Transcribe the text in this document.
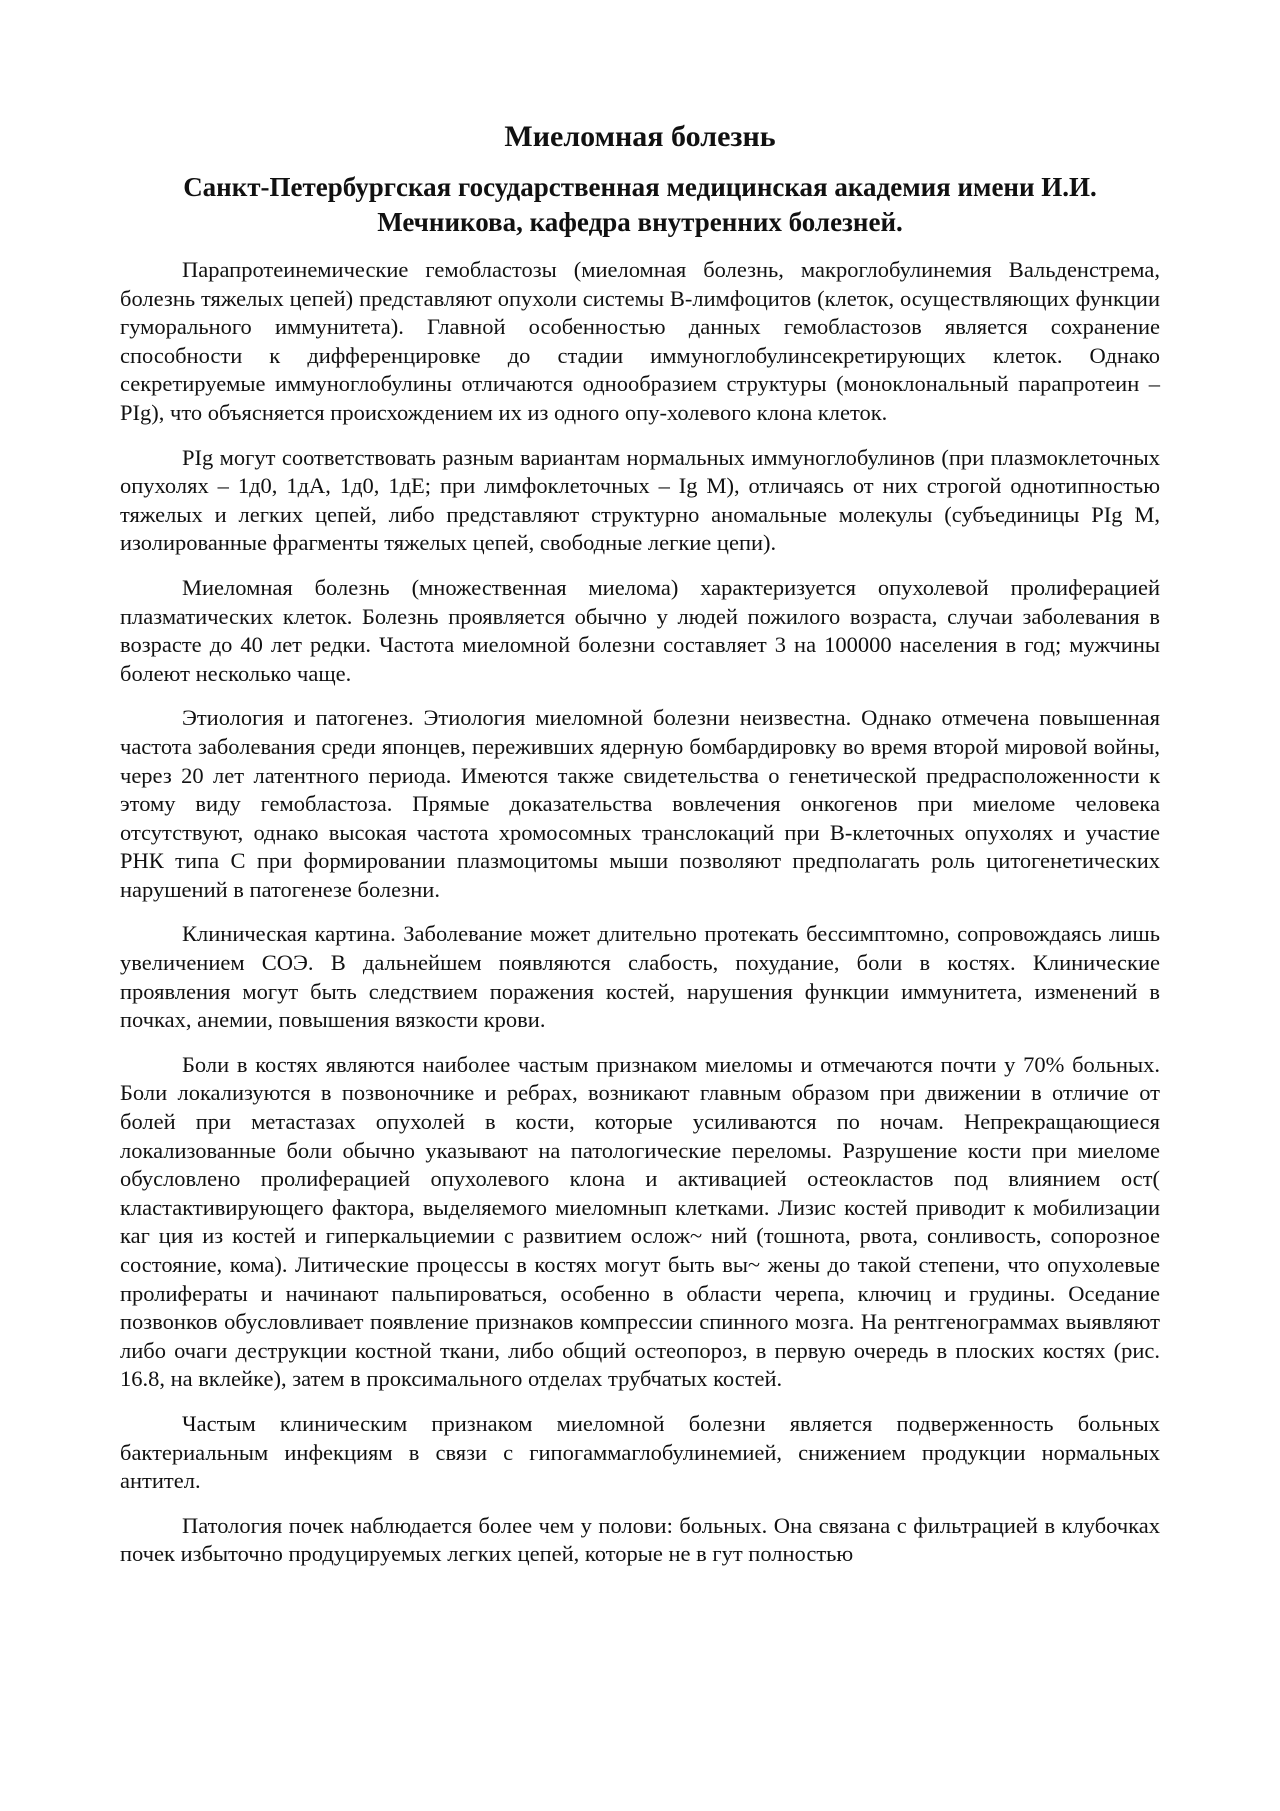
Миеломная болезнь
Санкт-Петербургская государственная медицинская академия имени И.И. Мечникова, кафедра внутренних болезней.

Парапротеинемические гемобластозы (миеломная болезнь, макроглобулинемия Вальденстрема, болезнь тяжелых цепей) представляют опухоли системы В-лимфоцитов (клеток, осуществляющих функции гуморального иммунитета). Главной особенностью данных гемобластозов является сохранение способности к дифференцировке до стадии иммуноглобулинсекретирующих клеток. Однако секретируемые иммуноглобулины отличаются однообразием структуры (моноклональный парапротеин – PIg), что объясняется происхождением их из одного опу-холевого клона клеток.

PIg могут соответствовать разным вариантам нормальных иммуноглобулинов (при плазмоклеточных опухолях – 1д0, 1дА, 1д0, 1дЕ; при лимфоклеточных – Ig М), отличаясь от них строгой однотипностью тяжелых и легких цепей, либо представляют структурно аномальные молекулы (субъединицы PIg М, изолированные фрагменты тяжелых цепей, свободные легкие цепи).

Миеломная болезнь (множественная миелома) характеризуется опухолевой пролиферацией плазматических клеток. Болезнь проявляется обычно у людей пожилого возраста, случаи заболевания в возрасте до 40 лет редки. Частота миеломной болезни составляет 3 на 100000 населения в год; мужчины болеют несколько чаще.

Этиология и патогенез. Этиология миеломной болезни неизвестна. Однако отмечена повышенная частота заболевания среди японцев, переживших ядерную бомбардировку во время второй мировой войны, через 20 лет латентного периода. Имеются также свидетельства о генетической предрасположенности к этому виду гемобластоза. Прямые доказательства вовлечения онкогенов при миеломе человека отсутствуют, однако высокая частота хромосомных транслокаций при В-клеточных опухолях и участие РНК типа С при формировании плазмоцитомы мыши позволяют предполагать роль цитогенетических нарушений в патогенезе болезни.

Клиническая картина. Заболевание может длительно протекать бессимптомно, сопровождаясь лишь увеличением СОЭ. В дальнейшем появляются слабость, похудание, боли в костях. Клинические проявления могут быть следствием поражения костей, нарушения функции иммунитета, изменений в почках, анемии, повышения вязкости крови.

Боли в костях являются наиболее частым признаком миеломы и отмечаются почти у 70% больных. Боли локализуются в позвоночнике и ребрах, возникают главным образом при движении в отличие от болей при метастазах опухолей в кости, которые усиливаются по ночам. Непрекращающиеся локализованные боли обычно указывают на патологические переломы. Разрушение кости при миеломе обусловлено пролиферацией опухолевого клона и активацией остеокластов под влиянием ост( кластактивирующего фактора, выделяемого миеломнып клетками. Лизис костей приводит к мобилизации каг ция из костей и гиперкальциемии с развитием ослож~ ний (тошнота, рвота, сонливость, сопорозное состояние, кома). Литические процессы в костях могут быть вы~ жены до такой степени, что опухолевые пролифераты и начинают пальпироваться, особенно в области черепа, ключиц и грудины. Оседание позвонков обусловливает появление признаков компрессии спинного мозга. На рентгенограммах выявляют либо очаги деструкции костной ткани, либо общий остеопороз, в первую очередь в плоских костях (рис. 16.8, на вклейке), затем в проксимального отделах трубчатых костей.

Частым клиническим признаком миеломной болезни является подверженность больных бактериальным инфекциям в связи с гипогаммаглобулинемией, снижением продукции нормальных антител.

Патология почек наблюдается более чем у полови: больных. Она связана с фильтрацией в клубочках почек избыточно продуцируемых легких цепей, которые не в гут полностью
